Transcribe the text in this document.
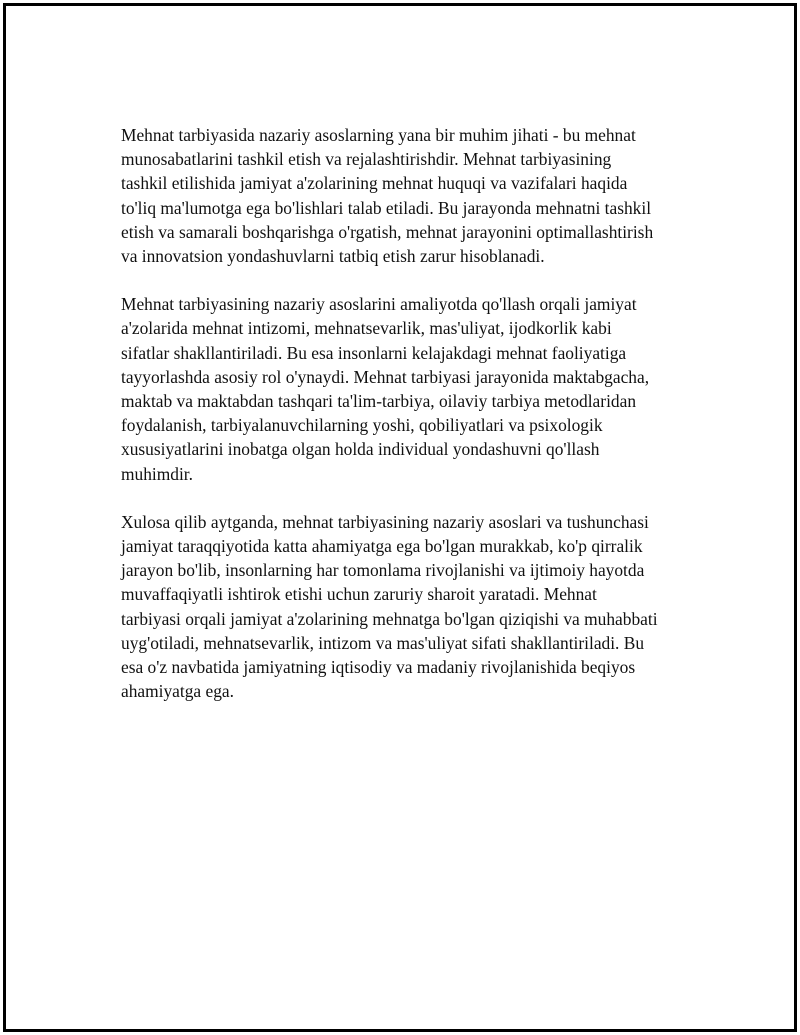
Mehnat tarbiyasida nazariy asoslarning yana bir muhim jihati - bu mehnat
munosabatlarini tashkil etish va rejalashtirishdir. Mehnat tarbiyasining
tashkil etilishida jamiyat a'zolarining mehnat huquqi va vazifalari haqida
to'liq ma'lumotga ega bo'lishlari talab etiladi. Bu jarayonda mehnatni tashkil
etish va samarali boshqarishga o'rgatish, mehnat jarayonini optimallashtirish
va innovatsion yondashuvlarni tatbiq etish zarur hisoblanadi.
Mehnat tarbiyasining nazariy asoslarini amaliyotda qo'llash orqali jamiyat
a'zolarida mehnat intizomi, mehnatsevarlik, mas'uliyat, ijodkorlik kabi
sifatlar shakllantiriladi. Bu esa insonlarni kelajakdagi mehnat faoliyatiga
tayyorlashda asosiy rol o'ynaydi. Mehnat tarbiyasi jarayonida maktabgacha,
maktab va maktabdan tashqari ta'lim-tarbiya, oilaviy tarbiya metodlaridan
foydalanish, tarbiyalanuvchilarning yoshi, qobiliyatlari va psixologik
xususiyatlarini inobatga olgan holda individual yondashuvni qo'llash
muhimdir.
Xulosa qilib aytganda, mehnat tarbiyasining nazariy asoslari va tushunchasi
jamiyat taraqqiyotida katta ahamiyatga ega bo'lgan murakkab, ko'p qirralik
jarayon bo'lib, insonlarning har tomonlama rivojlanishi va ijtimoiy hayotda
muvaffaqiyatli ishtirok etishi uchun zaruriy sharoit yaratadi. Mehnat
tarbiyasi orqali jamiyat a'zolarining mehnatga bo'lgan qiziqishi va muhabbati
uyg'otiladi, mehnatsevarlik, intizom va mas'uliyat sifati shakllantiriladi. Bu
esa o'z navbatida jamiyatning iqtisodiy va madaniy rivojlanishida beqiyos
ahamiyatga ega.
